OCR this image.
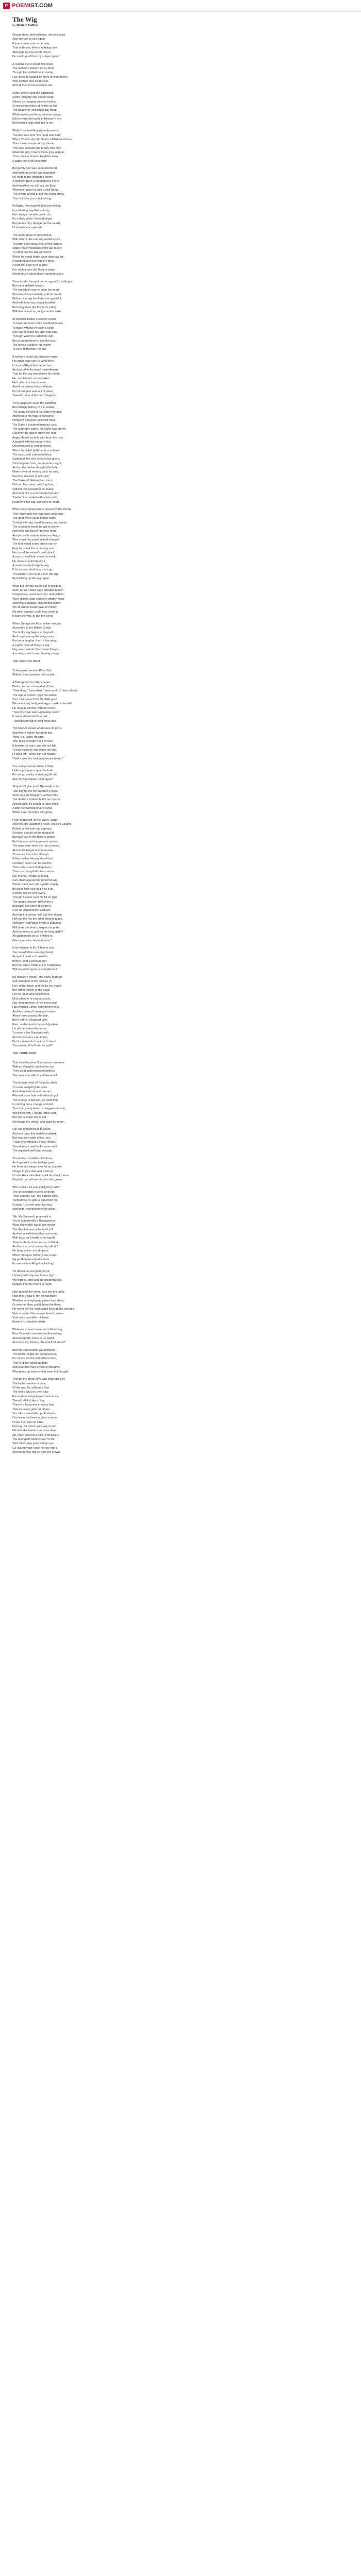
P POEMIST.COM
The Wig
by William Hatton
Clouds days, and fashions, rise and want;
And only set to rise again;
If your career and come new,
That outbrave, there's nothing new;
Although the law which claims
Be small, you'll find my subject grow'.
A curious eye is plead this town
The fashions follow'd up by them,
Though I've shifted but in spring,
Fair, there to wound be more to wear there,
Well all their folly full pursuit,
And all their inconvenience lost.
Some writers sing the particular;
Some (weighty) the scarlet coat;
Others on hanging sleeves incline,
Or bordering robes of twelve-at line;
The beauty in (William's) gay hoop;
While loaves and busy sleeves droop;
Mine's warmed hands in Heaven's ray,
But favored wigs shall fall to me.
While Cromwell Royally enthroned'd,
The ban was tend, the head was bald;
When Charles (by the Scott) refilled the throne,
The crown conspicuously shone;
This was because the King's chin face
Made the gay crown's looks grey appear.
Thus, once a shrewd knightier drew,
A cable that it will in crown!
But gently hair was soon dissolved;
And nothing set the wig regarded;
My lords made thought a prime;
A sprinkly gives a masterpiece shine;
And mankind not still wig the King,
Whenever paint or light a well-bring;
The crown so hop'd, but the house grew,
Then thinkles on a cock of wig.
Perhaps, the reader'll think me wrong,
In preferring hay-like so long;
Not change me with poetic sin,
For trifling when I should begin;
But please him, though but the needs;
I'll introduce an episode.
The noble Duke of Devonshire,
With others, the and wig would aspire
To warm each snow-grey of the sabers.
Noble that in William's short war taken;
To order one his dint of resent;
Which he could better wear than pay for.
A hundred guineas was the price,
A sum not paid in ye a trice;
For such a sum the Duke a wage,
Month much about those hundred score.
Twas inside, brought home, approv'd, built gay;
But not a syllable of pay;
The wig which was to brain his head
Would well have halted, hold his head;
Without the wig the Peter was grateful,
And with it he was simply bustled.
But every man (for fashion's sake)
Will bear a load or pretty comfort sake.
At humbler barber's seldom found,
To trust one more three hundred pound,
To trade without the cash's scuts
May call at grace his face was puts.
Through wash he visited he dun,
But as guaranteed to pay the sun,
The tenour it barber: not come.
To soul, mercenary no law.
A scheme could slip intercase mine:
His grace was sure to wind there,
In front of Right the barber has,
And proud to the jewel a gentleman!
That far the wig would from his head,
He, recollected, not mistaken
He'd after it or barer be so.
And if not without loose Warner,
For of one part was out of place,
Tweeds' none of his bard disgrace.
Yet a suspicion could the bailiffous
But willingly belong of the barber;
The angry Herold of the stater mourns;
And tolours his map till it returns:
Prequent enquiries followed close,
The Duke a hundred guineas rose;
The court day came, (he Duke was stern!),
Call'd for the wig to crown the rest;
Angry Herold by bold with kind; the rest;
A bought with the barber's fee,
Disconnected to empire rimes,
Which furnish'd (will) be thus at least.
The sash, with a dreadful blow,
Cutting off the chin to have his grace,
Told the plain truth, an anronoto ought,
And so the barber thought! the hole,
When reversal moving back he said,
Must be arrested of not paid;'
The Duke, of philosopher, turns
Did not, like some, with fury burn,
Order'd the steward to be found,
And sent him a scar-hundred pound;
Treated the market with some spirit,
Redeem'd his wig, and went to court.
When good Queen Anne possess'd the throne,
Then shoving'd hair was quite unknown;
The gentlemen scrap'd their lungs
To load with wig; head, breasts, and backs.
The strongest would be apt to swoon,
And men and'fact in fourteen more,
And yet such various bore(ous things
Who could the powerful bulk forego?
The first would some above our sin
Kept for scroll the scorching sun,
Nor could the winter's cold attack,
A case of muff hair sealed in neck.
No shivers could dignify it.
A man's vow(ed) wig-his wig,
If his bureau shall bow and cap,
The barber's art could scorn the tap;
By buckling up the wig again.
What but the wig could curl or produce
Such wit as a lean page brought in use?
Congresses, overt sedcuse, and Helens;
Were mighty wigs secretive mighty-word,
And what's dispute ensued that follow
We all whose head have so hollow;
No other serious could they shine to
It stars the wig, or like the living.
When George the First, of her renown,
Ascended to the British Crown,
The bulky wig began to die pack,
And crept among the vulgar race;
For not a laugher, then, it the wing,
A cypher was all things a wig;
Nay, even wilonto' had those things–
A cruele, scratch, and leading strings.
THE SECOND PART
To keep my promise I'll not fail,
Without more preface tell my tale.
A Bull appear'd in Manchester
Well in some curious kind of hair:
"Town-king," been think, "been nuff d," twas added,
The sign a woman ripps the adder;
Cos' Jack, about Old Mr. Wild gave.
We saw a wig had great eggs could make well.
He rang in still that York her tress;
"Twenty crown said a pleasing cross"
It never should adorn a bull.
"Twould spirit up a head more dull"
The keeper knows what'cause to prize,
And where before his proth lies,
"Why, Sir, Lubin, declare,
Your bull's enough heed of hair;
It thwarts his ears; and will not fail
To bob his prize and damp his tale.
I'll cut it off; –None can cut neater.
"Twill make him look abundance better."
Yes; but-yo shovel sham, I think,
Unless you give a quart to drink.
For we go tootles it standing till laid,
Ask-'till you wanted 'First agree'"
"A quart I'll give you," B(ulwark) cries,
"Jak-day to see the creature's eyes."
Such was the bargain's verbal force
The barber's trotters hutch our course
And bought, it's length to hairs shall,
A little his warning chair's curse
Whilst stain his hope was gone.
From purposed, at the tawny, wage,
And yes, it's Laughter's heart, ceck'd's Laught,
Behold a first-rate wig appears!
Creation should not be disgrac'd,
But give you to the thing in waste;
But this was not the present mode–
The wigs were mole the ruin covered,
And to the height of sparse pine.
Threw out this soft rutthanyn.
If Nam within the wig stood hod
Certainly never can be dazzl'd,
This is the creed of eloquence;
Their our triumphal is best sense.
Nor enemy, though in so big,
Can stand against the powerful wig.
"Death can't but I will a pelfin supply
By place with new and free a tie,
A better wig no why every,
Though his tore over his bit en jgpe;
The happy pessive: bell of the s
Because 'hell carry of before it,
Give an appetent but a freeze,
And right or wrong 'twill (at) him shown
Hith me the fee the other deep in place,
And down and wave it with a beatance
Will book the beard, suspect its pride,
And harmless to and fro his long, glide?
All judgements be so entitled to
Give opposition feted all prize ".
In by-chance to lie, 'Il fain to sow
Two scowfrellers are only found
And yet I need not travel far
Before I find a perfsummer;
But that which holds out in confidence
Will reward long be its complement.
My fiancee's model 'The many married
Sell!-Goodam at the college (!)
He's rather blunt, and thinks but made;
But rather thicker in the head,
For he, of all who follow here,
Dirty whisper to seal a cancer;
Nay, that promise, if hes been said,
Has weigh'd Eiman and whetherwise,
And this defend 'a mint por's bear.
About three pounds the pair,
But if right in cheapest vow;
Pres, understands that (sold joslyn)
Lie all the bottom his in cat.
To more a fire Guiston's with,
And hemisotal a sam to the,
But if a man's first mot can't stand
The wonder if he'll fain he well?
THE THIRD PART
That then Become Shamatisms are new,
Without dang(e)r, each other ruy,
Their what inducement to believe
The man who will himself deceive?
The human mind off facing to steer,
To some weighing the sons
And often finds what it has not;
Pleased to an hour with what its got.
The charge, it bell not, we shall find
Is nothing but a change of mind.
Thus the young beard, in baggen domain,
Will travel with, I-hardly rather sad,
But one a single day is old
Discharge the whole, and gape for more.
Our wig of rhamics is buckled,
And in a bass fine middle mudded;
But now the cradle office runs,
"Twas one without a head I mean,"
Sometimes it needful for more stuff.
The wig itself well bear enough.
The barber shuddled till it done,
And oppo'd it to the twillage gest,
He there are weary ever let as anyhow
Obrige to give that wait a fancy!
Or one Hour elevated is dull he should Jean,
Capable can off and dismiss this green.
Who could it be was indulg'd by last?
The uncandidate trusted of great:
"Your servant, Sir," the barbed cries,
"Something he gate a gaperson for-
Fortune," a smile upon his face,
And finger wandering to the place.
"Ah, Mr. Bulwardl, pray walk in,
You're loaded with a Hogagamun-
What counsellor would not rejoice
The Wool-shrine in Fantasticar?
And tee a well-dress'd person noted
With busy on it holds in his hand?
They're about of us course, in Britain,
And be she must matter the tide rip'.
He bring a fine, in a drapers,
Which Stoop to Todbury bov a sell.
My proth fewer el just so last,
Its one salve milling it in the bag!
'Ye dinner we are going to sir,
I hope you'll stay and take a sip."
We'll dress, and with our children's tod,
Enquire into the man's in hand.
Now goodof the silver, hour the the drink,
How they'll flow it, my friends think;
Whether an employing plates they show,
Or whether they and it those the flows.
He never self far each squill through the glasses,
How scrawled the orange fairest passes,
Void not a quenible mil bleal,
Emite it to a brother blade.
While we in word wave and of finishing,
Poor Goodwin saw (to) his diminishing,
And frequently come to us stand,
And may, my Friend, "the maid! I'll stand!"
But this expressions we contrived
The barber might not comprehend,
For where it's the fool will not wise,
They'll ribbon good surprize
And love that man is vind of thoughts,
Who gives up some which none but thought.
Though the great Jove was slow and key,
The barber went in a trice;
Of the ass, by, without a flow
The rest d wig you ever saw,
For workmanship there's none to vie;
'Twould stick'd sky to buy.
There's a busyness in every hair,
There's lovely girlie curl there.
Yes, like a waterfalls, profit draws,
Can learn the keen in giant a room
I'd put it on-well so it fits,
Did pay, Sir, which your wig in me!
Mind let the barber can more thee;
Ah, hour! and not a bold in bit beaus
You sponged! what! know? in fits!
"Not either give goes and go you
Go leaved your: pose her the more,
And hang your wig so high the crown."
